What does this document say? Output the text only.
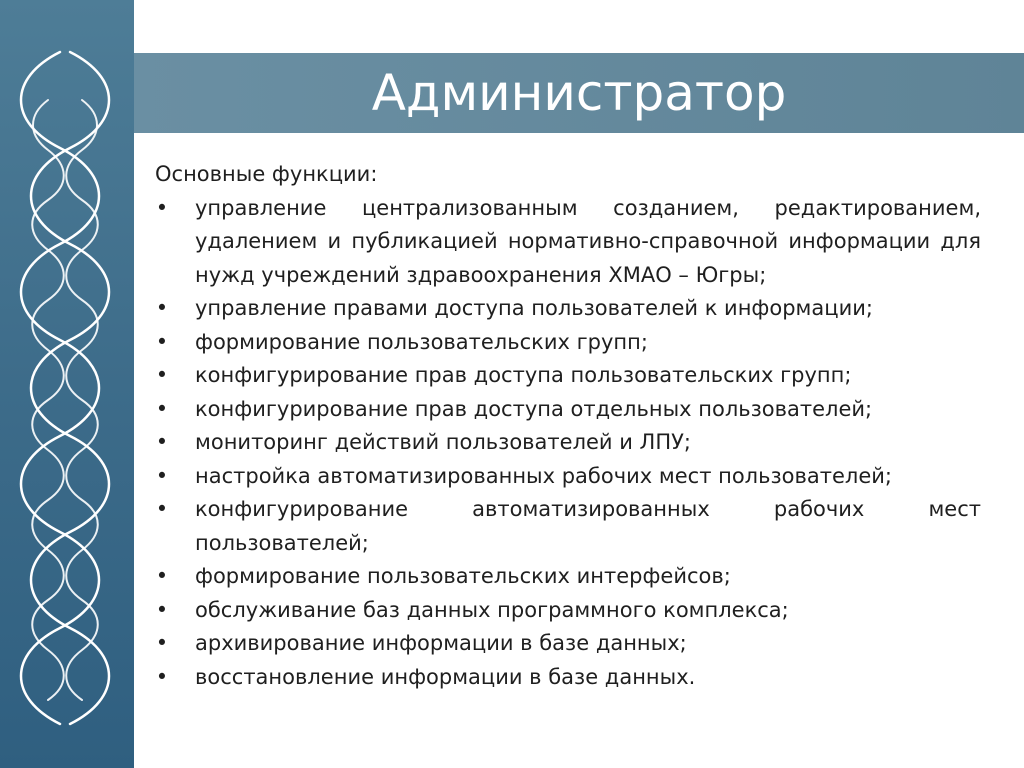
Администратор

Основные функции:

• управление централизованным созданием, редактированием, удалением и публикацией нормативно-справочной информации для нужд учреждений здравоохранения ХМАО – Югры;
• управление правами доступа пользователей к информации;
• формирование пользовательских групп;
• конфигурирование прав доступа пользовательских групп;
• конфигурирование прав доступа отдельных пользователей;
• мониторинг действий пользователей и ЛПУ;
• настройка автоматизированных рабочих мест пользователей;
• конфигурирование автоматизированных рабочих мест пользователей;
• формирование пользовательских интерфейсов;
• обслуживание баз данных программного комплекса;
• архивирование информации в базе данных;
• восстановление информации в базе данных.
